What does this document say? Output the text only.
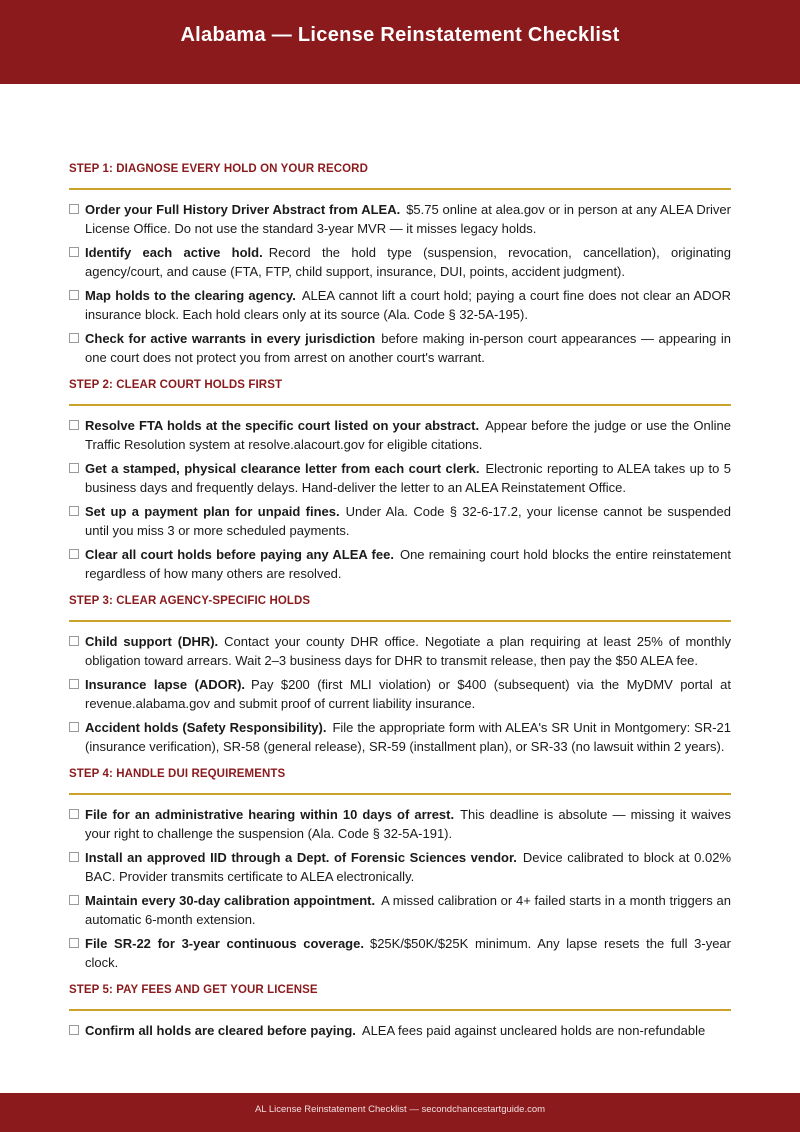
Alabama — License Reinstatement Checklist
STEP 1: DIAGNOSE EVERY HOLD ON YOUR RECORD
Order your Full History Driver Abstract from ALEA. $5.75 online at alea.gov or in person at any ALEA Driver License Office. Do not use the standard 3-year MVR — it misses legacy holds.
Identify each active hold. Record the hold type (suspension, revocation, cancellation), originating agency/court, and cause (FTA, FTP, child support, insurance, DUI, points, accident judgment).
Map holds to the clearing agency. ALEA cannot lift a court hold; paying a court fine does not clear an ADOR insurance block. Each hold clears only at its source (Ala. Code § 32-5A-195).
Check for active warrants in every jurisdiction before making in-person court appearances — appearing in one court does not protect you from arrest on another court's warrant.
STEP 2: CLEAR COURT HOLDS FIRST
Resolve FTA holds at the specific court listed on your abstract. Appear before the judge or use the Online Traffic Resolution system at resolve.alacourt.gov for eligible citations.
Get a stamped, physical clearance letter from each court clerk. Electronic reporting to ALEA takes up to 5 business days and frequently delays. Hand-deliver the letter to an ALEA Reinstatement Office.
Set up a payment plan for unpaid fines. Under Ala. Code § 32-6-17.2, your license cannot be suspended until you miss 3 or more scheduled payments.
Clear all court holds before paying any ALEA fee. One remaining court hold blocks the entire reinstatement regardless of how many others are resolved.
STEP 3: CLEAR AGENCY-SPECIFIC HOLDS
Child support (DHR). Contact your county DHR office. Negotiate a plan requiring at least 25% of monthly obligation toward arrears. Wait 2–3 business days for DHR to transmit release, then pay the $50 ALEA fee.
Insurance lapse (ADOR). Pay $200 (first MLI violation) or $400 (subsequent) via the MyDMV portal at revenue.alabama.gov and submit proof of current liability insurance.
Accident holds (Safety Responsibility). File the appropriate form with ALEA's SR Unit in Montgomery: SR-21 (insurance verification), SR-58 (general release), SR-59 (installment plan), or SR-33 (no lawsuit within 2 years).
STEP 4: HANDLE DUI REQUIREMENTS
File for an administrative hearing within 10 days of arrest. This deadline is absolute — missing it waives your right to challenge the suspension (Ala. Code § 32-5A-191).
Install an approved IID through a Dept. of Forensic Sciences vendor. Device calibrated to block at 0.02% BAC. Provider transmits certificate to ALEA electronically.
Maintain every 30-day calibration appointment. A missed calibration or 4+ failed starts in a month triggers an automatic 6-month extension.
File SR-22 for 3-year continuous coverage. $25K/$50K/$25K minimum. Any lapse resets the full 3-year clock.
STEP 5: PAY FEES AND GET YOUR LICENSE
Confirm all holds are cleared before paying. ALEA fees paid against uncleared holds are non-refundable
AL License Reinstatement Checklist — secondchancestartguide.com
